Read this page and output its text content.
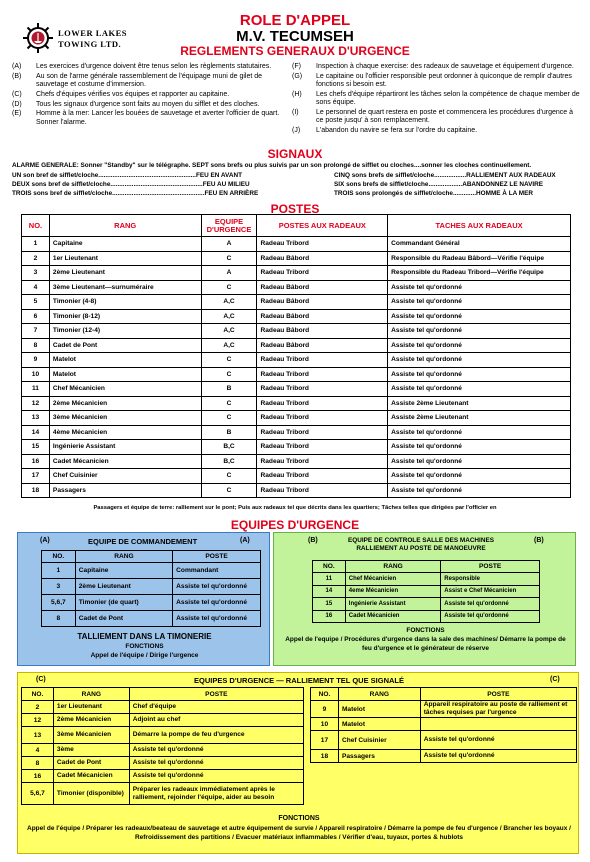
LOWER LAKES
TOWING LTD.
ROLE D'APPEL
M.V. TECUMSEH
REGLEMENTS GENERAUX D'URGENCE
(A)	Les exercices d'urgence doivent être tenus selon les règlements statutaires.
(B)	Au son de l'arme générale rassemblement de l'équipage muni de gilet de sauvetage et costume d'immersion.
(C)	Chefs d'équipes vérifies vos équipes et rapporter au capitaine.
(D)	Tous les signaux d'urgence sont faits au moyen du sifflet et des cloches.
(E)	Homme à la mer: Lancer les bouées de sauvetage et averter l'officier de quart. Sonner l'alarme.
(F)	Inspection à chaque exercise: des radeaux de sauvetage et équipement d'urgence.
(G)	Le capitaine ou l'officier responsible peut ordonner à quiconque de remplir d'autres fonctions si besoin est.
(H)	Les chefs d'équipe répartiront les tâches selon la compétence de chaque member de sons équipe.
(I)	Le personnel de quart restera en poste et commencera les procédures d'urgence à ce poste jusqu' à son remplacement.
(J)	L'abandon du navire se fera sur l'ordre du capitaine.
SIGNAUX
ALARME GENERALE: Sonner "Standby" sur le télégraphe. SEPT sons brefs ou plus suivis par un son prolongé de sifflet ou cloches....sonner les cloches continuellement.
UN son bref de sifflet/cloche.......................................................FEU EN AVANT	CINQ sons brefs de sifflet/cloche..................RALLIEMENT AUX RADEAUX
DEUX sons bref de sifflet/cloche....................................................FEU AU MILIEU	SIX sons brefs de sifflet/cloche...................ABANDONNEZ LE NAVIRE
TROIS sons bref de sifflet/cloche....................................................FEU EN ARRIÈRE	TROIS sons prolongés de sifflet/cloche.............HOMME À LA MER
POSTES
NO.	RANG	EQUIPE D'URGENCE	POSTES AUX RADEAUX	TACHES AUX RADEAUX
1	Capitaine	A	Radeau Tribord	Commandant Général
2	1er Lieutenant	C	Radeau Bâbord	Responsible du Radeau Bâbord—Vérifie l'équipe
3	2ème Lieutenant	A	Radeau Tribord	Responsible du Radeau Tribord—Vérifie l'équipe
4	3ème Lieutenant—surnuméraire	C	Radeau Bâbord	Assiste tel qu'ordonné
5	Timonier (4-8)	A,C	Radeau Bâbord	Assiste tel qu'ordonné
6	Timonier (8-12)	A,C	Radeau Bâbord	Assiste tel qu'ordonné
7	Timonier (12-4)	A,C	Radeau Bâbord	Assiste tel qu'ordonné
8	Cadet de Pont	A,C	Radeau Bâbord	Assiste tel qu'ordonné
9	Matelot	C	Radeau Tribord	Assiste tel qu'ordonné
10	Matelot	C	Radeau Tribord	Assiste tel qu'ordonné
11	Chef Mécanicien	B	Radeau Tribord	Assiste tel qu'ordonné
12	2ème Mécanicien	C	Radeau Tribord	Assiste 2ème Lieutenant
13	3ème Mécanicien	C	Radeau Tribord	Assiste 2ème Lieutenant
14	4ème Mécanicien	B	Radeau Tribord	Assiste tel qu'ordonné
15	Ingénierie Assistant	B,C	Radeau Tribord	Assiste tel qu'ordonné
16	Cadet Mécanicien	B,C	Radeau Tribord	Assiste tel qu'ordonné
17	Chef Cuisinier	C	Radeau Tribord	Assiste tel qu'ordonné
18	Passagers	C	Radeau Tribord	Assiste tel qu'ordonné
Passagers et équipe de terre: ralliement sur le pont; Puis aux radeaux tel que décrits dans les quartiers; Tâches telles que dirigées par l'officier en
EQUIPES D'URGENCE
(A)	EQUIPE DE COMMANDEMENT	(A)
NO.	RANG	POSTE
1	Capitaine	Commandant
3	2ème Lieutenant	Assiste tel qu'ordonné
5,6,7	Timonier (de quart)	Assiste tel qu'ordonné
8	Cadet de Pont	Assiste tel qu'ordonné
TALLIEMENT DANS LA TIMONERIE
FONCTIONS
Appel de l'équipe / Dirige l'urgence
(B)	EQUIPE DE CONTROLE SALLE DES MACHINES
RALLIEMENT AU POSTE DE MANOEUVRE
(B)
NO.	RANG	POSTE
11	Chef Mécanicien	Responsible
14	4eme Mécanicien	Assist e Chef Mécanicien
15	Ingénierie Assistant	Assiste tel qu'ordonné
16	Cadet Mécanicien	Assiste tel qu'ordonné
FONCTIONS
Appel de l'equipe / Procédures d'urgence dans la sale des machines/ Démarre la pompe de feu d'urgence et le générateur de réserve
(C)	EQUIPES D'URGENCE — RALLIEMENT TEL QUE SIGNALÉ	(C)
NO.	RANG	POSTE
2	1er Lieutenant	Chef d'équipe
12	2ème Mécanicien	Adjoint au chef
13	3ème Mécanicien	Démarre la pompe de feu d'urgence
4	3ème	Assiste tel qu'ordonné
8	Cadet de Pont	Assiste tel qu'ordonné
16	Cadet Mécanicien	Assiste tel qu'ordonné
5,6,7	Timonier (disponible)	Préparer les radeaux immédiatement après le ralliement, rejoinder l'équipe, aider au besoin
NO.	RANG	POSTE
9	Matelot	Appareil respiratoire au poste de ralliement et tâches requises par l'urgence
10	Matelot	
17	Chef Cuisinier	Assiste tel qu'ordonné
18	Passagers	Assiste tel qu'ordonné
FONCTIONS
Appel de l'équipe / Préparer les radeaux/beateau de sauvetage et autre équipement de survie / Appareil respiratoire / Démarre la pompe de feu d'urgence / Brancher les boyaux / Refroidissement des partitions / Evacuer matériaux inflammables / Vérifier d'eau, tuyaux, portes & hublots
